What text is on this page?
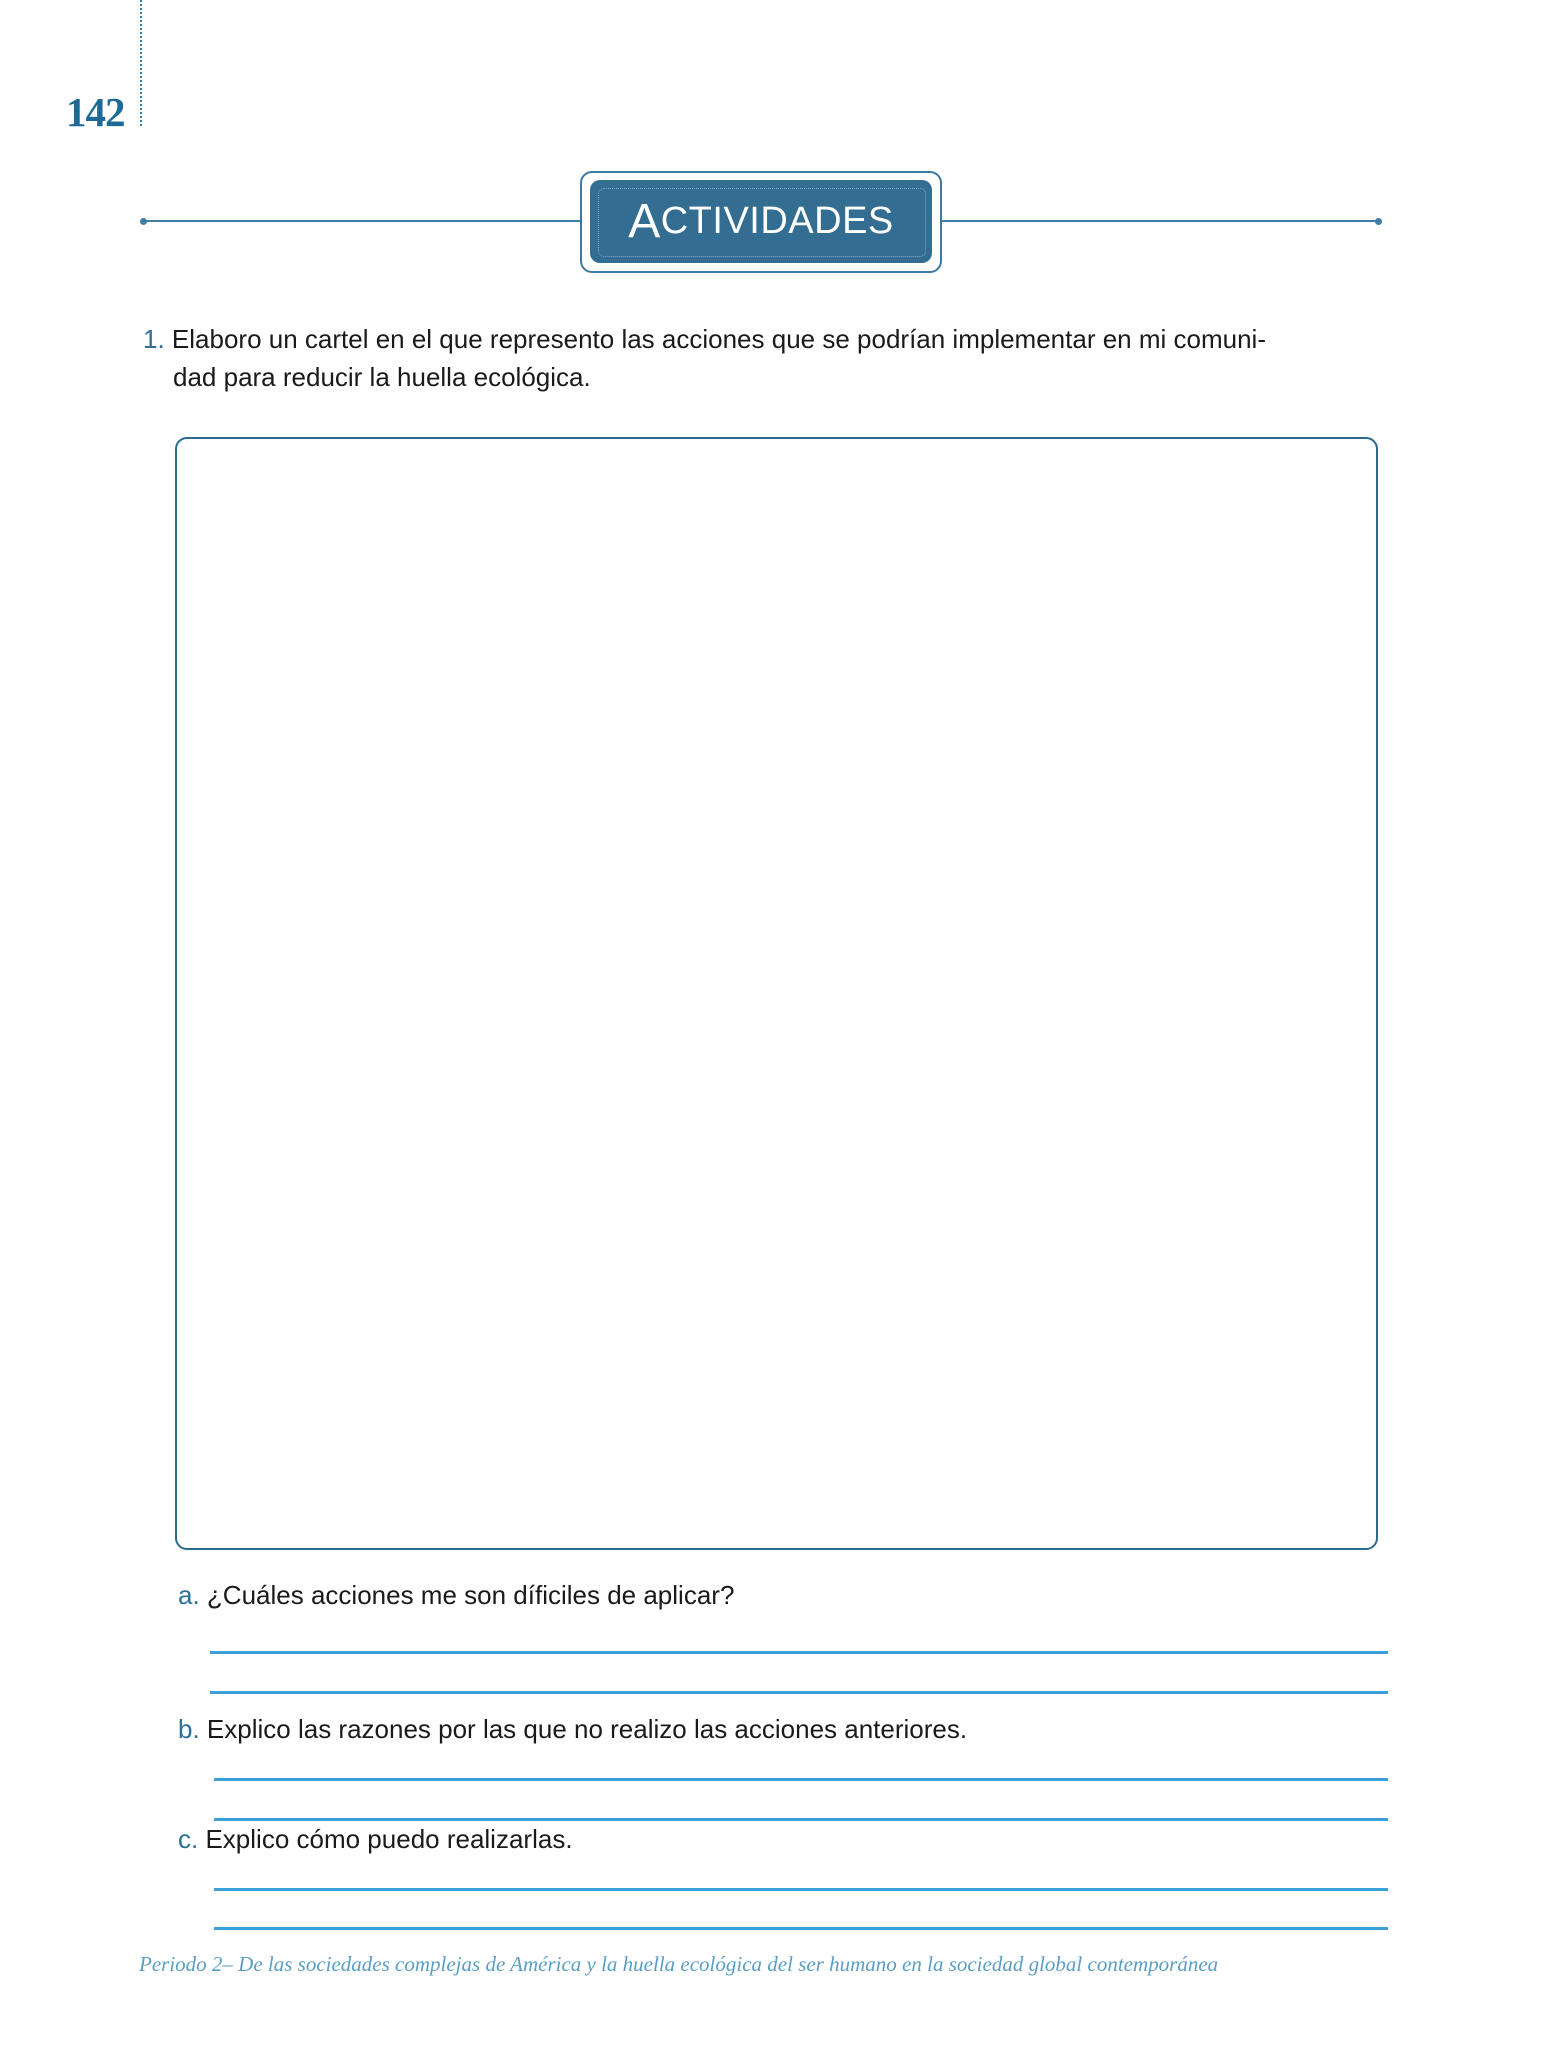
142
A CTIVIDADES
1. Elaboro un cartel en el que represento las acciones que se podrían implementar en mi comuni-
dad para reducir la huella ecológica.
a. ¿Cuáles acciones me son díficiles de aplicar?
b. Explico las razones por las que no realizo las acciones anteriores.
c. Explico cómo puedo realizarlas.
Periodo 2– De las sociedades complejas de América y la huella ecológica del ser humano en la sociedad global contemporánea
